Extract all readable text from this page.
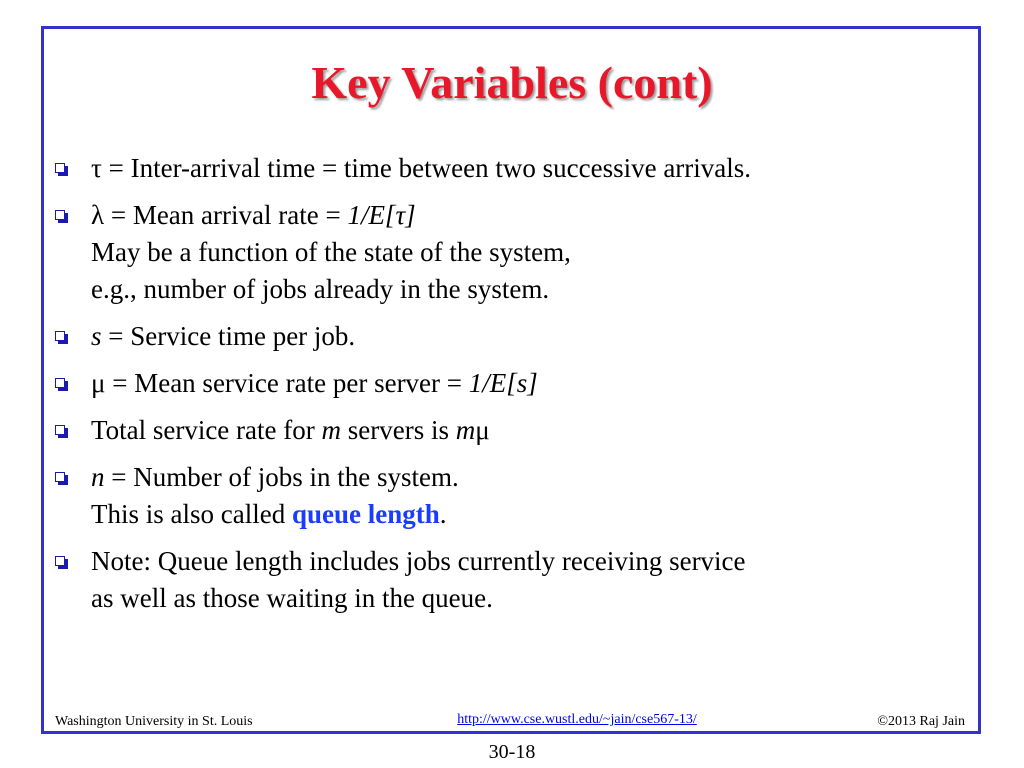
Key Variables (cont)
τ = Inter-arrival time = time between two successive arrivals.
λ = Mean arrival rate = 1/E[τ]
May be a function of the state of the system,
e.g., number of jobs already in the system.
s = Service time per job.
μ = Mean service rate per server = 1/E[s]
Total service rate for m servers is mμ
n = Number of jobs in the system.
This is also called queue length.
Note: Queue length includes jobs currently receiving service
as well as those waiting in the queue.
Washington University in St. Louis	http://www.cse.wustl.edu/~jain/cse567-13/	©2013 Raj Jain
30-18
